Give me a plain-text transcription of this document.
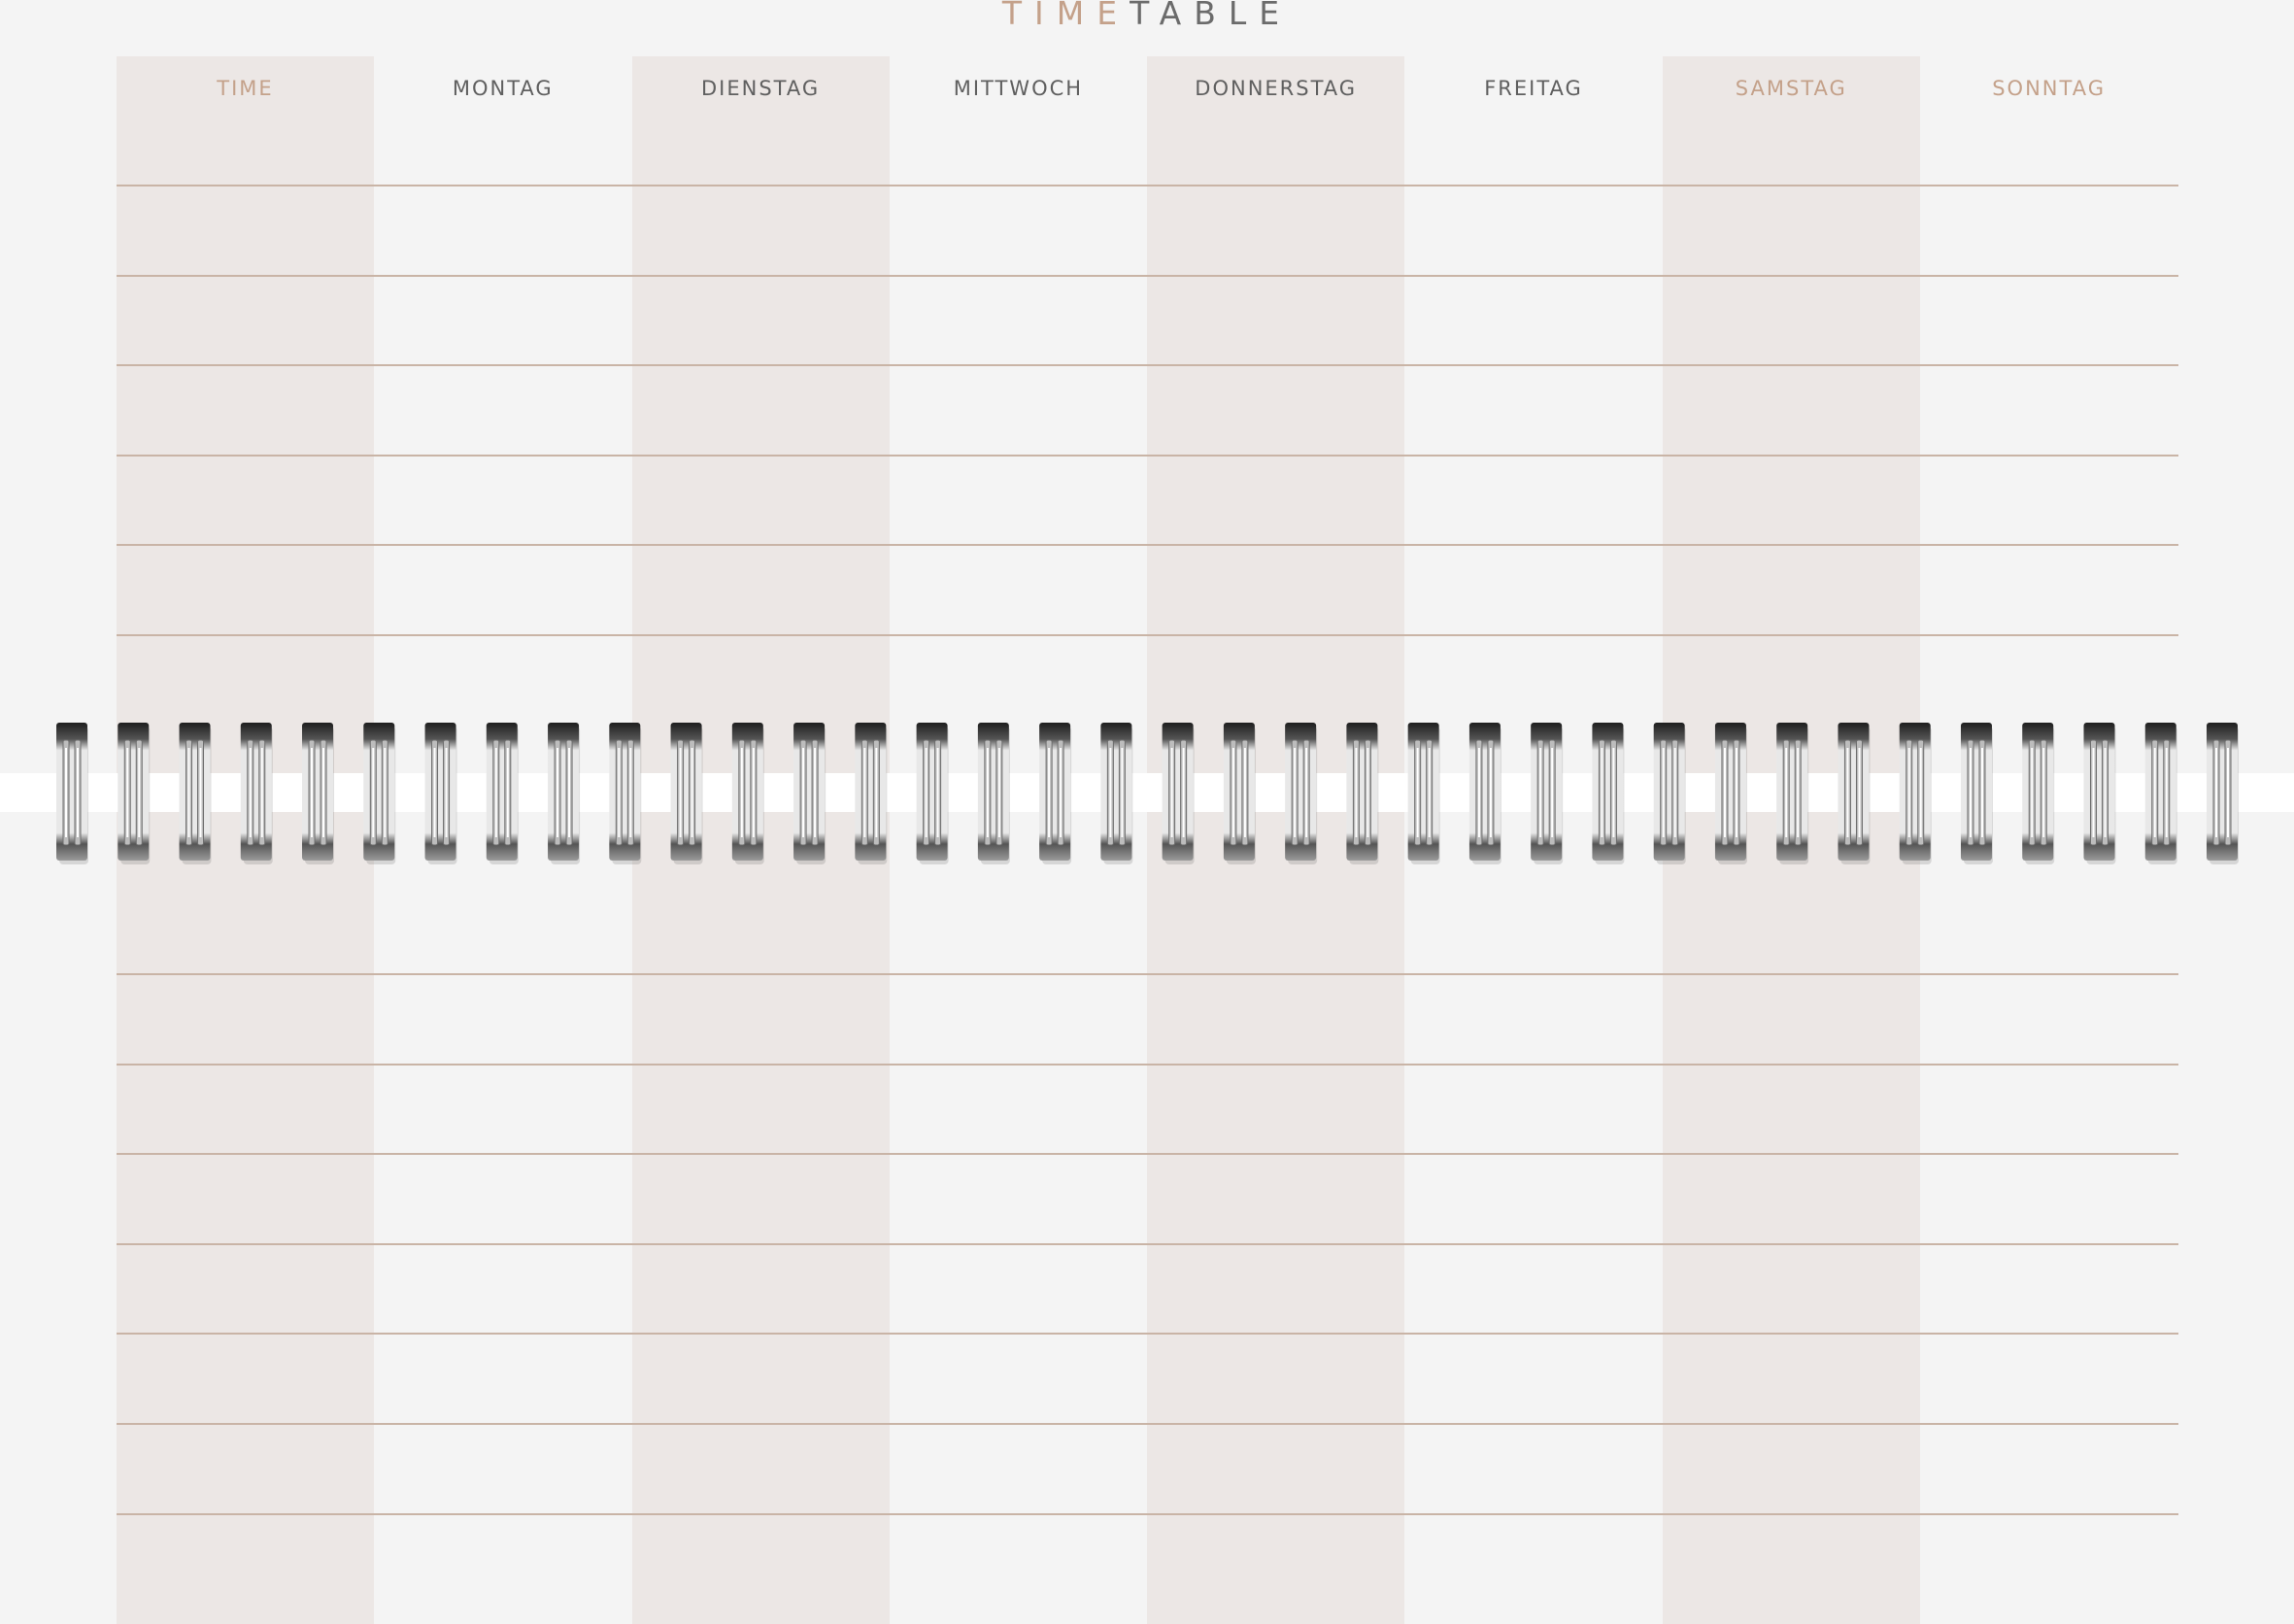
TIMETABLE
TIME	MONTAG	DIENSTAG	MITTWOCH	DONNERSTAG	FREITAG	SAMSTAG	SONNTAG
